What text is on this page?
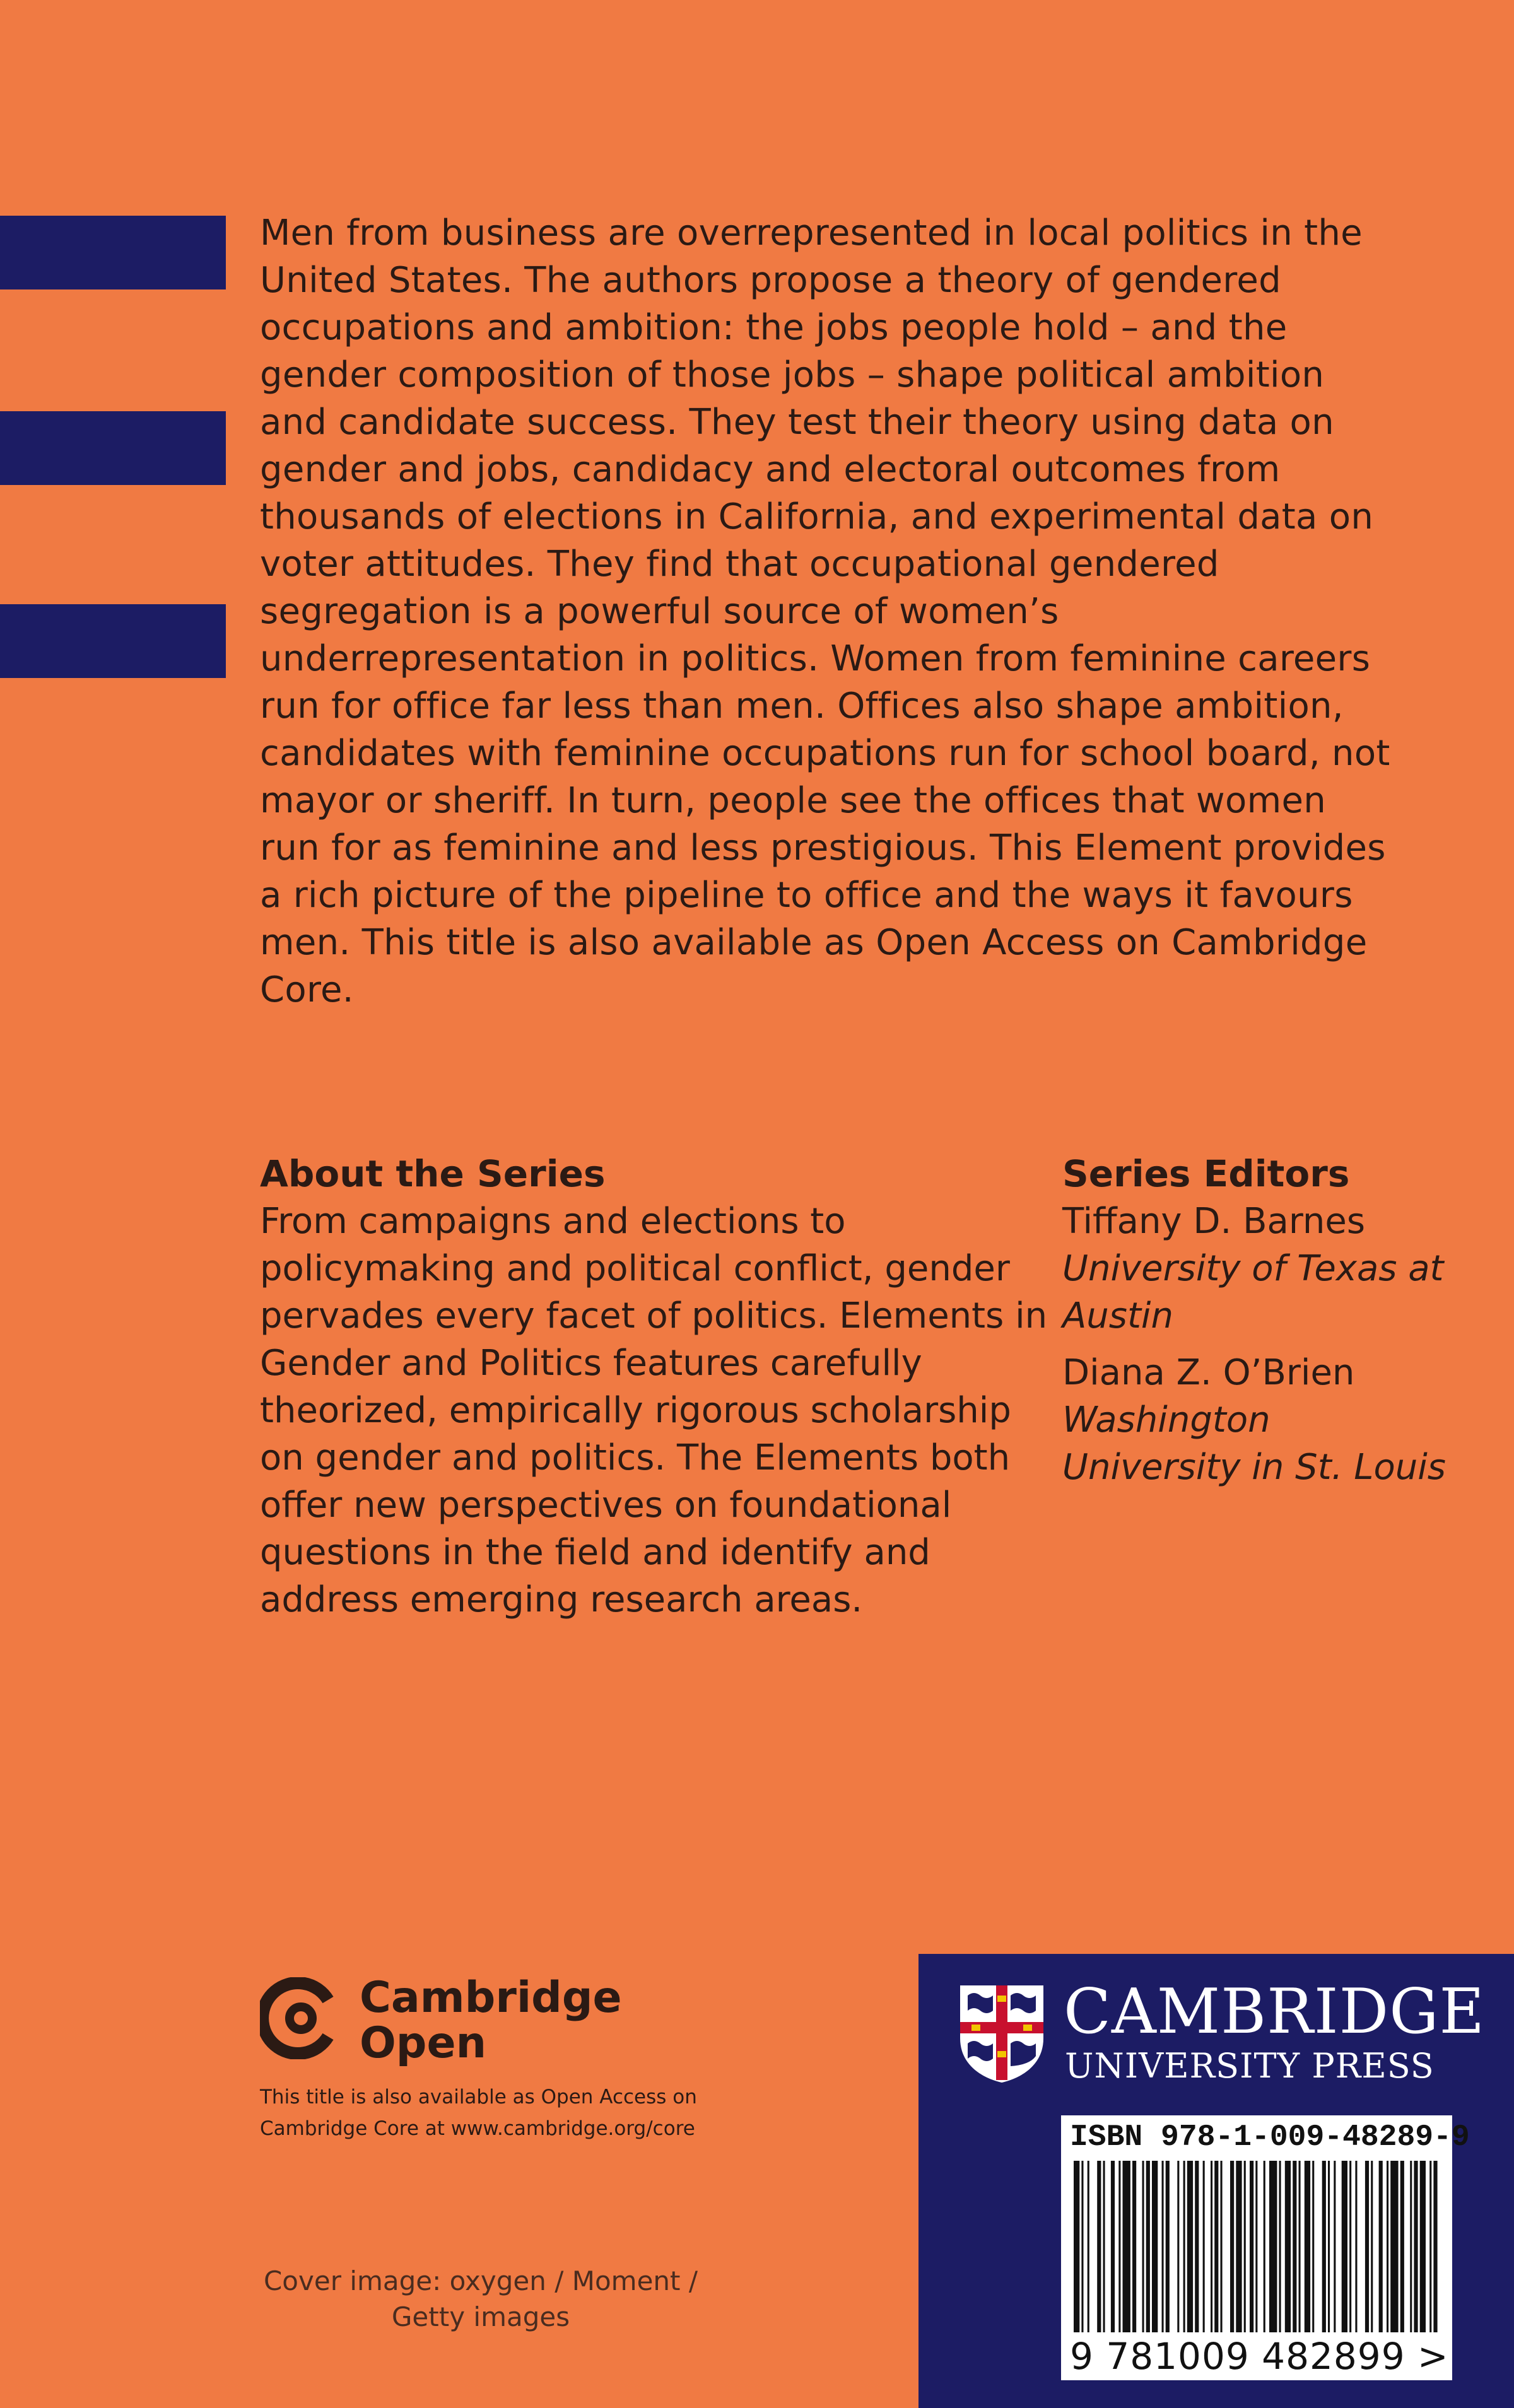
Men from business are overrepresented in local politics in the United States. The authors propose a theory of gendered occupations and ambition: the jobs people hold – and the gender composition of those jobs – shape political ambition and candidate success. They test their theory using data on gender and jobs, candidacy and electoral outcomes from thousands of elections in California, and experimental data on voter attitudes. They find that occupational gendered segregation is a powerful source of women’s underrepresentation in politics. Women from feminine careers run for office far less than men. Offices also shape ambition, candidates with feminine occupations run for school board, not mayor or sheriff. In turn, people see the offices that women run for as feminine and less prestigious. This Element provides a rich picture of the pipeline to office and the ways it favours men. This title is also available as Open Access on Cambridge Core.

About the Series

From campaigns and elections to policymaking and political conflict, gender pervades every facet of politics. Elements in Gender and Politics features carefully theorized, empirically rigorous scholarship on gender and politics. The Elements both offer new perspectives on foundational questions in the field and identify and address emerging research areas.

Series Editors
Tiffany D. Barnes
University of Texas at Austin
Diana Z. O’Brien
Washington University in St. Louis
Cambridge
Open
This title is also available as Open Access on Cambridge Core at www.cambridge.org/core
Cover image: oxygen / Moment / Getty images
CAMBRIDGE
UNIVERSITY PRESS
ISBN 978-1-009-48289-9
9 781009 482899 >
